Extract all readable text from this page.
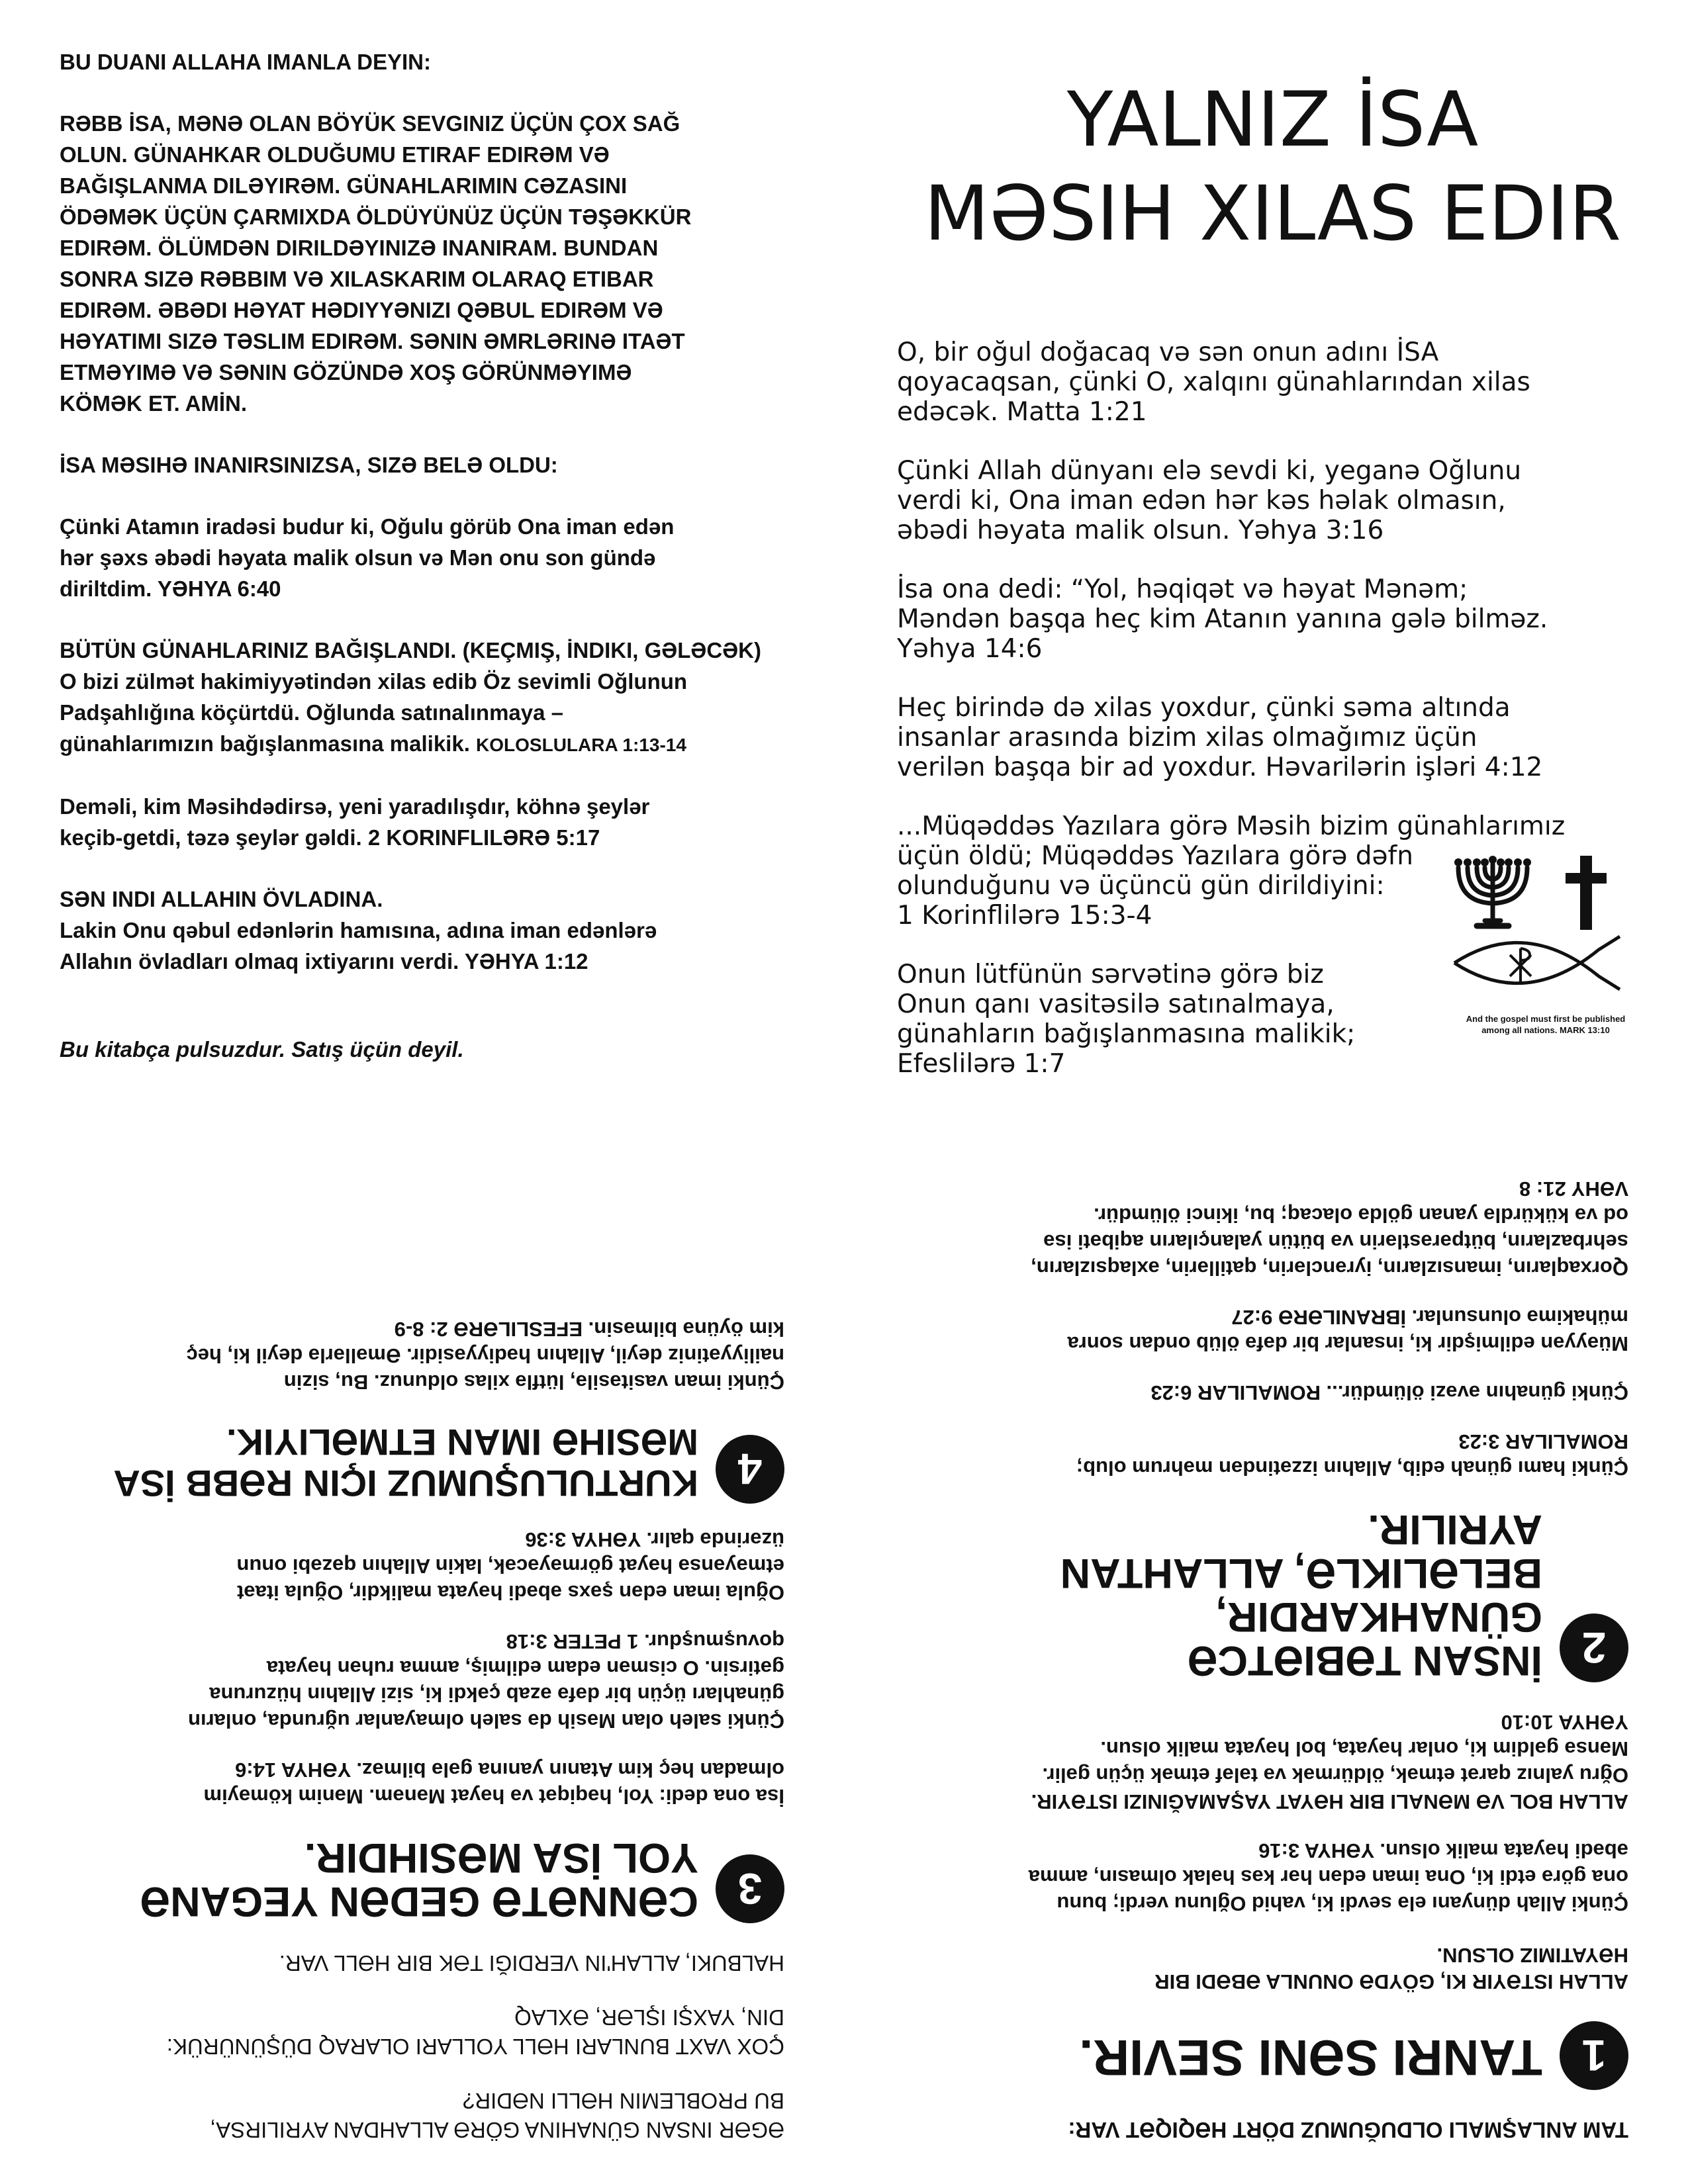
BU DUANI ALLAHA IMANLA DEYIN:

RƏBB İSA, MƏNƏ OLAN BÖYÜK SEVGINIZ ÜÇÜN ÇOX SAĞ
OLUN. GÜNAHKAR OLDUĞUMU ETIRAF EDIRƏM VƏ
BAĞIŞLANMA DILƏYIRƏM. GÜNAHLARIMIN CƏZASINI
ÖDƏMƏK ÜÇÜN ÇARMIXDA ÖLDÜYÜNÜZ ÜÇÜN TƏŞƏKKÜR
EDIRƏM. ÖLÜMDƏN DIRILDƏYINIZƏ INANIRAM. BUNDAN
SONRA SIZƏ RƏBBIM VƏ XILASKARIM OLARAQ ETIBAR
EDIRƏM. ƏBƏDI HƏYAT HƏDIYYƏNIZI QƏBUL EDIRƏM VƏ
HƏYATIMI SIZƏ TƏSLIM EDIRƏM. SƏNIN ƏMRLƏRINƏ ITAƏT
ETMƏYIMƏ VƏ SƏNIN GÖZÜNDƏ XOŞ GÖRÜNMƏYIMƏ
KÖMƏK ET. AMİN.

İSA MƏSIHƏ INANIRSINIZSA, SIZƏ BELƏ OLDU:

Çünki Atamın iradəsi budur ki, Oğulu görüb Ona iman edən
hər şəxs əbədi həyata malik olsun və Mən onu son gündə
diriltdim. YƏHYA 6:40

BÜTÜN GÜNAHLARINIZ BAĞIŞLANDI. (KEÇMIŞ, İNDIKI, GƏLƏCƏK)
O bizi zülmət hakimiyyətindən xilas edib Öz sevimli Oğlunun
Padşahlığına köçürtdü. Oğlunda satınalınmaya –
günahlarımızın bağışlanmasına malikik. KOLOSLULARA 1:13-14

Deməli, kim Məsihdədirsə, yeni yaradılışdır, köhnə şeylər
keçib-getdi, təzə şeylər gəldi. 2 KORINFLILƏRƏ 5:17

SƏN INDI ALLAHIN ÖVLADINA.
Lakin Onu qəbul edənlərin hamısına, adına iman edənlərə
Allahın övladları olmaq ixtiyarını verdi. YƏHYA 1:12

Bu kitabça pulsuzdur. Satış üçün deyil.

YALNIZ İSA
MƏSIH XILAS EDIR

O, bir oğul doğacaq və sən onun adını İSA
qoyacaqsan, çünki O, xalqını günahlarından xilas
edəcək. Matta 1:21

Çünki Allah dünyanı elə sevdi ki, yeganə Oğlunu
verdi ki, Ona iman edən hər kəs həlak olmasın,
əbədi həyata malik olsun. Yəhya 3:16

İsa ona dedi: “Yol, həqiqət və həyat Mənəm;
Məndən başqa heç kim Atanın yanına gələ bilməz.
Yəhya 14:6

Heç birində də xilas yoxdur, çünki səma altında
insanlar arasında bizim xilas olmağımız üçün
verilən başqa bir ad yoxdur. Həvarilərin işləri 4:12

...Müqəddəs Yazılara görə Məsih bizim günahlarımız
üçün öldü; Müqəddəs Yazılara görə dəfn
olunduğunu və üçüncü gün dirildiyini:
1 Korinflilərə 15:3-4

Onun lütfünün sərvətinə görə biz
Onun qanı vasitəsilə satınalmaya,
günahların bağışlanmasına malikik;
Efeslilərə 1:7

And the gospel must first be published
among all nations. MARK 13:10

TAM ANLAŞMALI OLDUĞUMUZ DÖRT HƏQIQƏT VAR:

1
TANRI SƏNI SEVIR.

ALLAH ISTƏYIR KI, GÖYDƏ ONUNLA ƏBƏDI BIR
HƏYATIMIZ OLSUN.

Çünki Allah dünyanı elə sevdi ki, vahid Oğlunu verdi; bunu
ona görə etdi ki, Ona iman edən hər kəs həlak olmasın, amma
əbədi həyata malik olsun. YƏHYA 3:16

ALLAH BOL VƏ MƏNALI BIR HƏYAT YAŞAMAĞINIZI ISTƏYIR.
Oğru yalnız qarət etmək, öldürmək və tələf etmək üçün gəlir.
Mənsə gəldim ki, onlar həyata, bol həyata malik olsun.
YƏHYA 10:10

2
İNSAN TƏBIƏTCƏ GÜNAHKARDIR,
BELƏLIKLƏ, ALLAHTAN AYRILIR.

Çünki hamı günah edib, Allahın izzətindən məhrum olub;
ROMALILAR 3:23

Çünki günahın əvəzi ölümdür... ROMALILAR 6:23

Müəyyən edilmişdir ki, insanlar bir dəfə ölüb ondan sonra
mühakimə olunsunlar. İBRANILƏRƏ 9:27

Qorxaqların, imansızların, iyrənclərin, qatillərin, əxlaqsızların,
sehrbazların, bütpərəstlərin və bütün yalançıların aqibəti isə
od və kükürdlə yanan göldə olacaq; bu, ikinci ölümdür.
VƏHY 21: 8

ƏGƏR INSAN GÜNAHINA GÖRƏ ALLAHDAN AYRILIRSA,
BU PROBLEMIN HƏLLI NƏDIR?

ÇOX VAXT BUNLARI HƏLL YOLLARI OLARAQ DÜŞÜNÜRÜK:
DIN, YAXŞI IŞLƏR, ƏXLAQ

HALBUKI, ALLAH'IN VERDIĞI TƏK BIR HƏLL VAR.

3
CƏNNƏTƏ GEDƏN YEGANƏ
YOL İSA MƏSIHDIR.

İsa ona dedi: Yol, həqiqət və həyat Mənəm. Mənim köməyim
olmadan heç kim Atanın yanına gələ bilməz. YƏHYA 14:6

Çünki saleh olan Məsih də saleh olmayanlar uğrunda, onların
günahları üçün bir dəfə əzab çəkdi ki, sizi Allahın hüzuruna
gətirsin. O cismən edam edilmiş, amma ruhən həyata
qovuşmuşdur. 1 PETER 3:18

Oğula iman edən şəxs əbədi həyata malikdir, Oğula itaət
etməyənsə həyat görməyəcək, lakin Allahın qəzəbi onun
üzərində qalır. YƏHYA 3:36

4
KURTULUŞUMUZ IÇIN RƏBB İSA
MƏSIHƏ IMAN ETMƏLIYIK.

Çünki iman vasitəsilə, lütflə xilas oldunuz. Bu, sizin
nailiyyətiniz deyil, Allahın hədiyyəsidir. Əməllərlə deyil ki, heç
kim öyünə bilməsin. EFESLILƏRƏ 2: 8-9
